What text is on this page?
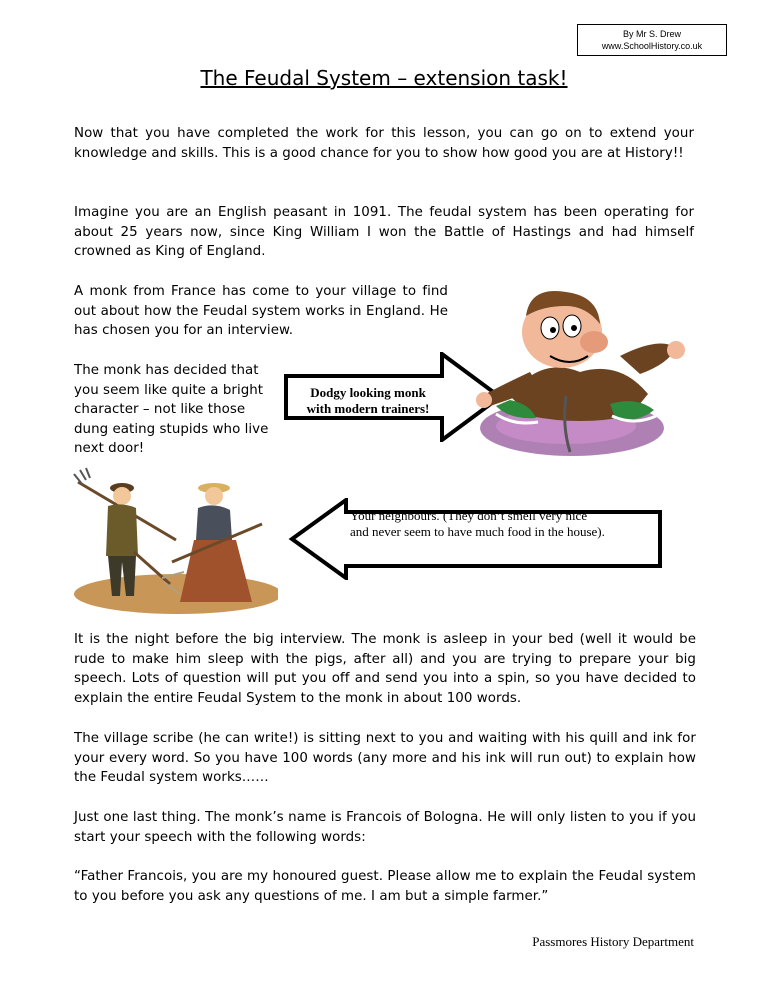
By Mr S. Drew
www.SchoolHistory.co.uk
The Feudal System – extension task!

Now that you have completed the work for this lesson, you can go on to extend your knowledge and skills. This is a good chance for you to show how good you are at History!!

Imagine you are an English peasant in 1091. The feudal system has been operating for about 25 years now, since King William I won the Battle of Hastings and had himself crowned as King of England.

A monk from France has come to your village to find out about how the Feudal system works in England. He has chosen you for an interview.

The monk has decided that you seem like quite a bright character – not like those dung eating stupids who live next door!

Dodgy looking monk
with modern trainers!
Your neighbours. (They don’t smell very nice
and never seem to have much food in the house).

It is the night before the big interview. The monk is asleep in your bed (well it would be rude to make him sleep with the pigs, after all) and you are trying to prepare your big speech. Lots of question will put you off and send you into a spin, so you have decided to explain the entire Feudal System to the monk in about 100 words.

The village scribe (he can write!) is sitting next to you and waiting with his quill and ink for your every word. So you have 100 words (any more and his ink will run out) to explain how the Feudal system works……

Just one last thing. The monk’s name is Francois of Bologna. He will only listen to you if you start your speech with the following words:

“Father Francois, you are my honoured guest. Please allow me to explain the Feudal system to you before you ask any questions of me. I am but a simple farmer.”

Passmores History Department
